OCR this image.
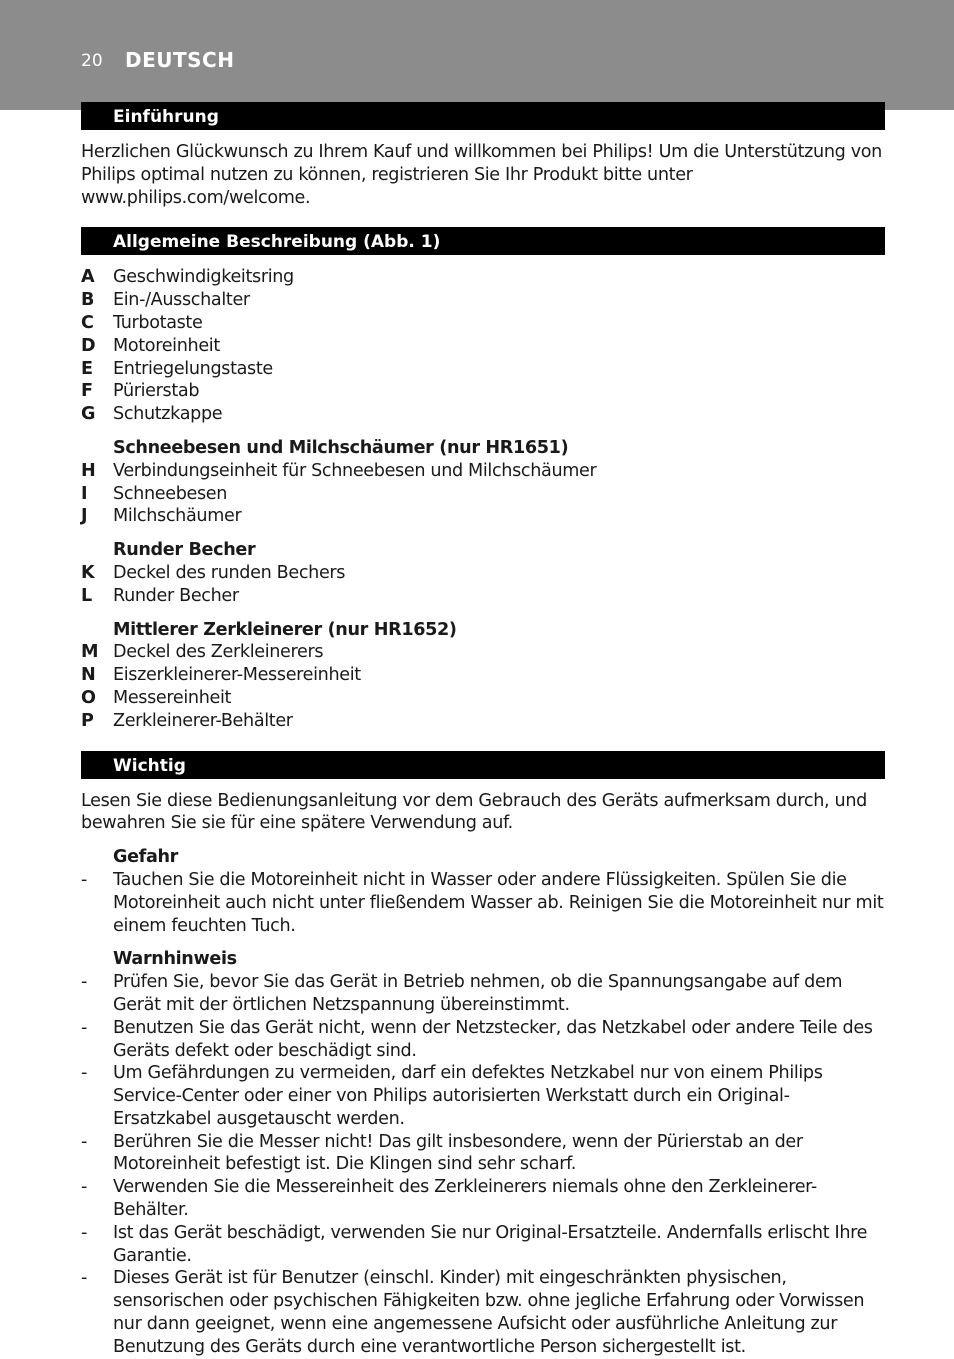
20 DEUTSCH
Einführung

Herzlichen Glückwunsch zu Ihrem Kauf und willkommen bei Philips! Um die Unterstützung von Philips optimal nutzen zu können, registrieren Sie Ihr Produkt bitte unter www.philips.com/welcome.

Allgemeine Beschreibung (Abb. 1)
A	Geschwindigkeitsring
B	Ein-/Ausschalter
C	Turbotaste
D	Motoreinheit
E	Entriegelungstaste
F	Pürierstab
G	Schutzkappe
Schneebesen und Milchschäumer (nur HR1651)
H	Verbindungseinheit für Schneebesen und Milchschäumer
I	Schneebesen
J	Milchschäumer
Runder Becher
K	Deckel des runden Bechers
L	Runder Becher
Mittlerer Zerkleinerer (nur HR1652)
M Deckel des Zerkleinerers
N	Eiszerkleinerer-Messereinheit
O Messereinheit
P	Zerkleinerer-Behälter
Wichtig

Lesen Sie diese Bedienungsanleitung vor dem Gebrauch des Geräts aufmerksam durch, und bewahren Sie sie für eine spätere Verwendung auf.

Gefahr
-	Tauchen Sie die Motoreinheit nicht in Wasser oder andere Flüssigkeiten. Spülen Sie die Motoreinheit auch nicht unter fließendem Wasser ab. Reinigen Sie die Motoreinheit nur mit einem feuchten Tuch.
Warnhinweis
-	Prüfen Sie, bevor Sie das Gerät in Betrieb nehmen, ob die Spannungsangabe auf dem Gerät mit der örtlichen Netzspannung übereinstimmt.
-	Benutzen Sie das Gerät nicht, wenn der Netzstecker, das Netzkabel oder andere Teile des Geräts defekt oder beschädigt sind.
-	Um Gefährdungen zu vermeiden, darf ein defektes Netzkabel nur von einem Philips Service-Center oder einer von Philips autorisierten Werkstatt durch ein Original-Ersatzkabel ausgetauscht werden.
-	Berühren Sie die Messer nicht! Das gilt insbesondere, wenn der Pürierstab an der Motoreinheit befestigt ist. Die Klingen sind sehr scharf.
-	Verwenden Sie die Messereinheit des Zerkleinerers niemals ohne den Zerkleinerer-Behälter.
-	Ist das Gerät beschädigt, verwenden Sie nur Original-Ersatzteile. Andernfalls erlischt Ihre Garantie.
-	Dieses Gerät ist für Benutzer (einschl. Kinder) mit eingeschränkten physischen, sensorischen oder psychischen Fähigkeiten bzw. ohne jegliche Erfahrung oder Vorwissen nur dann geeignet, wenn eine angemessene Aufsicht oder ausführliche Anleitung zur Benutzung des Geräts durch eine verantwortliche Person sichergestellt ist.
